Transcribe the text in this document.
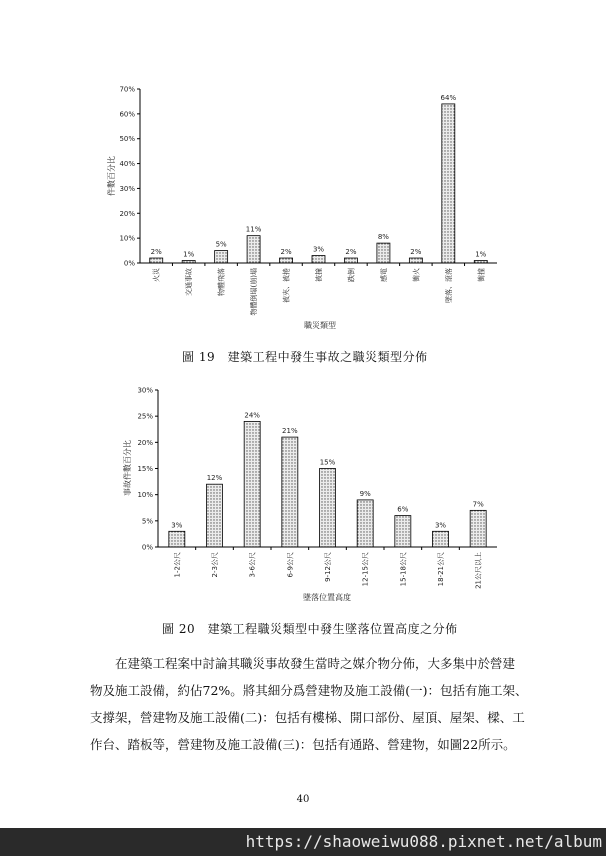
0%
10%
20%
30%
40%
50%
60%
70%
2%	1%
5%
11%
2%	3%	2%
8%
2%
64%
1%
火災	交通事故	物體飛落	物體倒塌(崩)塌	被夾、被捲	被撞	跌倒	感電	衝火	墜落、滾落	衝撞
件數百分比
職災類型
圖 19　建築工程中發生事故之職災類型分佈
0%
5%
10%
15%
20%
25%
30%
3%
12%
24%
21%
15%
9%
6%
3%
7%
1-2公尺	2-3公尺	3-6公尺	6-9公尺	9-12公尺	12-15公尺	15-18公尺	18-21公尺	21公尺以上
事故件數百分比
墜落位置高度
圖 20　建築工程職災類型中發生墜落位置高度之分佈
　　在建築工程案中討論其職災事故發生當時之媒介物分佈，大多集中於營建
物及施工設備，約佔72%。將其細分爲營建物及施工設備(一)：包括有施工架、
支撐架，營建物及施工設備(二)：包括有樓梯、開口部份、屋頂、屋架、樑、工
作台、踏板等，營建物及施工設備(三)：包括有通路、營建物，如圖22所示。
40
https://shaoweiwu088.pixnet.net/album
